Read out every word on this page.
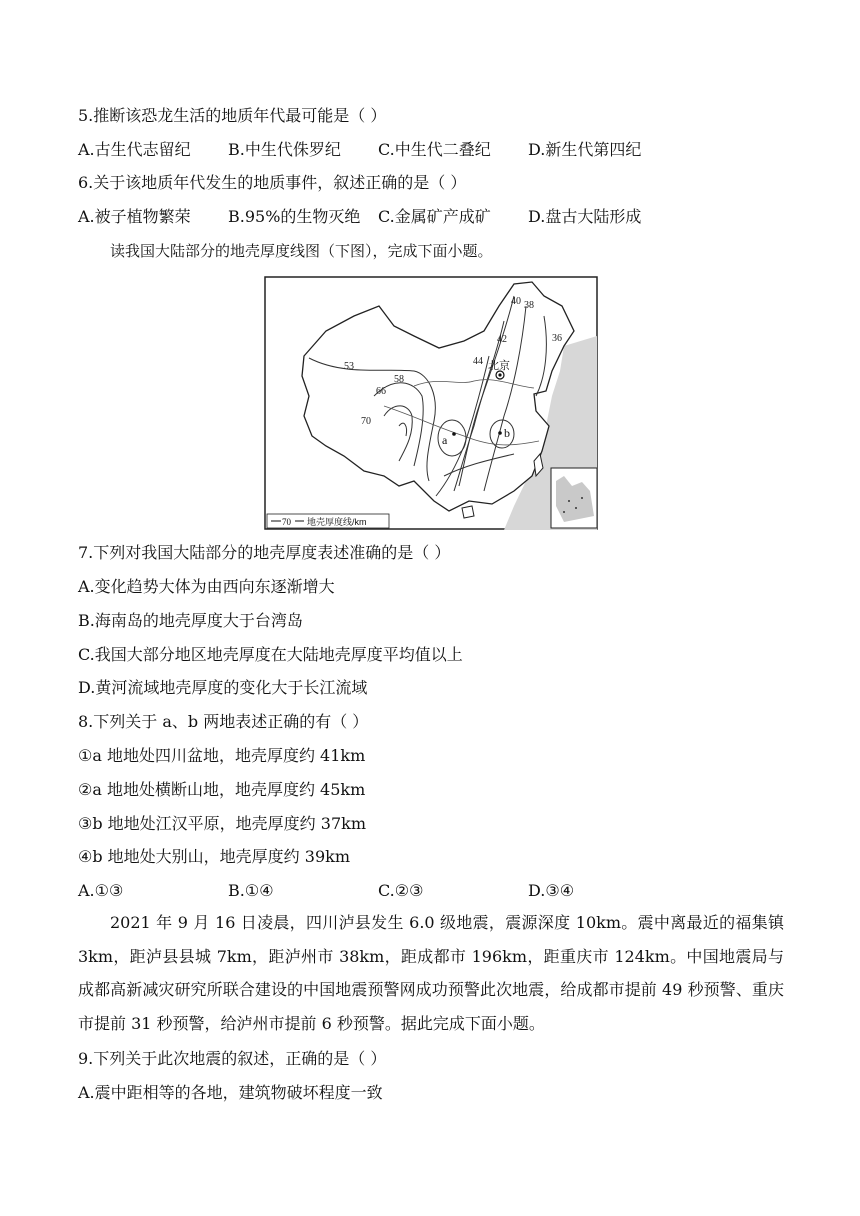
5.推断该恐龙生活的地质年代最可能是（ ）
A.古生代志留纪 B.中生代侏罗纪 C.中生代二叠纪 D.新生代第四纪
6.关于该地质年代发生的地质事件，叙述正确的是（ ）
A.被子植物繁荣 B.95%的生物灭绝 C.金属矿产成矿 D.盘古大陆形成
读我国大陆部分的地壳厚度线图（下图），完成下面小题。
40 38
42	36
44
53
58
66
70
北京
a	b
70 地壳厚度线/km
7.下列对我国大陆部分的地壳厚度表述准确的是（ ）
A.变化趋势大体为由西向东逐渐增大
B.海南岛的地壳厚度大于台湾岛
C.我国大部分地区地壳厚度在大陆地壳厚度平均值以上
D.黄河流域地壳厚度的变化大于长江流域
8.下列关于 a、b 两地表述正确的有（ ）
①a 地地处四川盆地，地壳厚度约 41km
②a 地地处横断山地，地壳厚度约 45km
③b 地地处江汉平原，地壳厚度约 37km
④b 地地处大别山，地壳厚度约 39km
A.①③	B.①④	C.②③	D.③④
2021 年 9 月 16 日凌晨，四川泸县发生 6.0 级地震，震源深度 10km。震中离最近的福集镇 3km，距泸县县城 7km，距泸州市 38km，距成都市 196km，距重庆市 124km。中国地震局与成都高新减灾研究所联合建设的中国地震预警网成功预警此次地震，给成都市提前 49 秒预警、重庆市提前 31 秒预警，给泸州市提前 6 秒预警。据此完成下面小题。
9.下列关于此次地震的叙述，正确的是（ ）
A.震中距相等的各地，建筑物破坏程度一致
